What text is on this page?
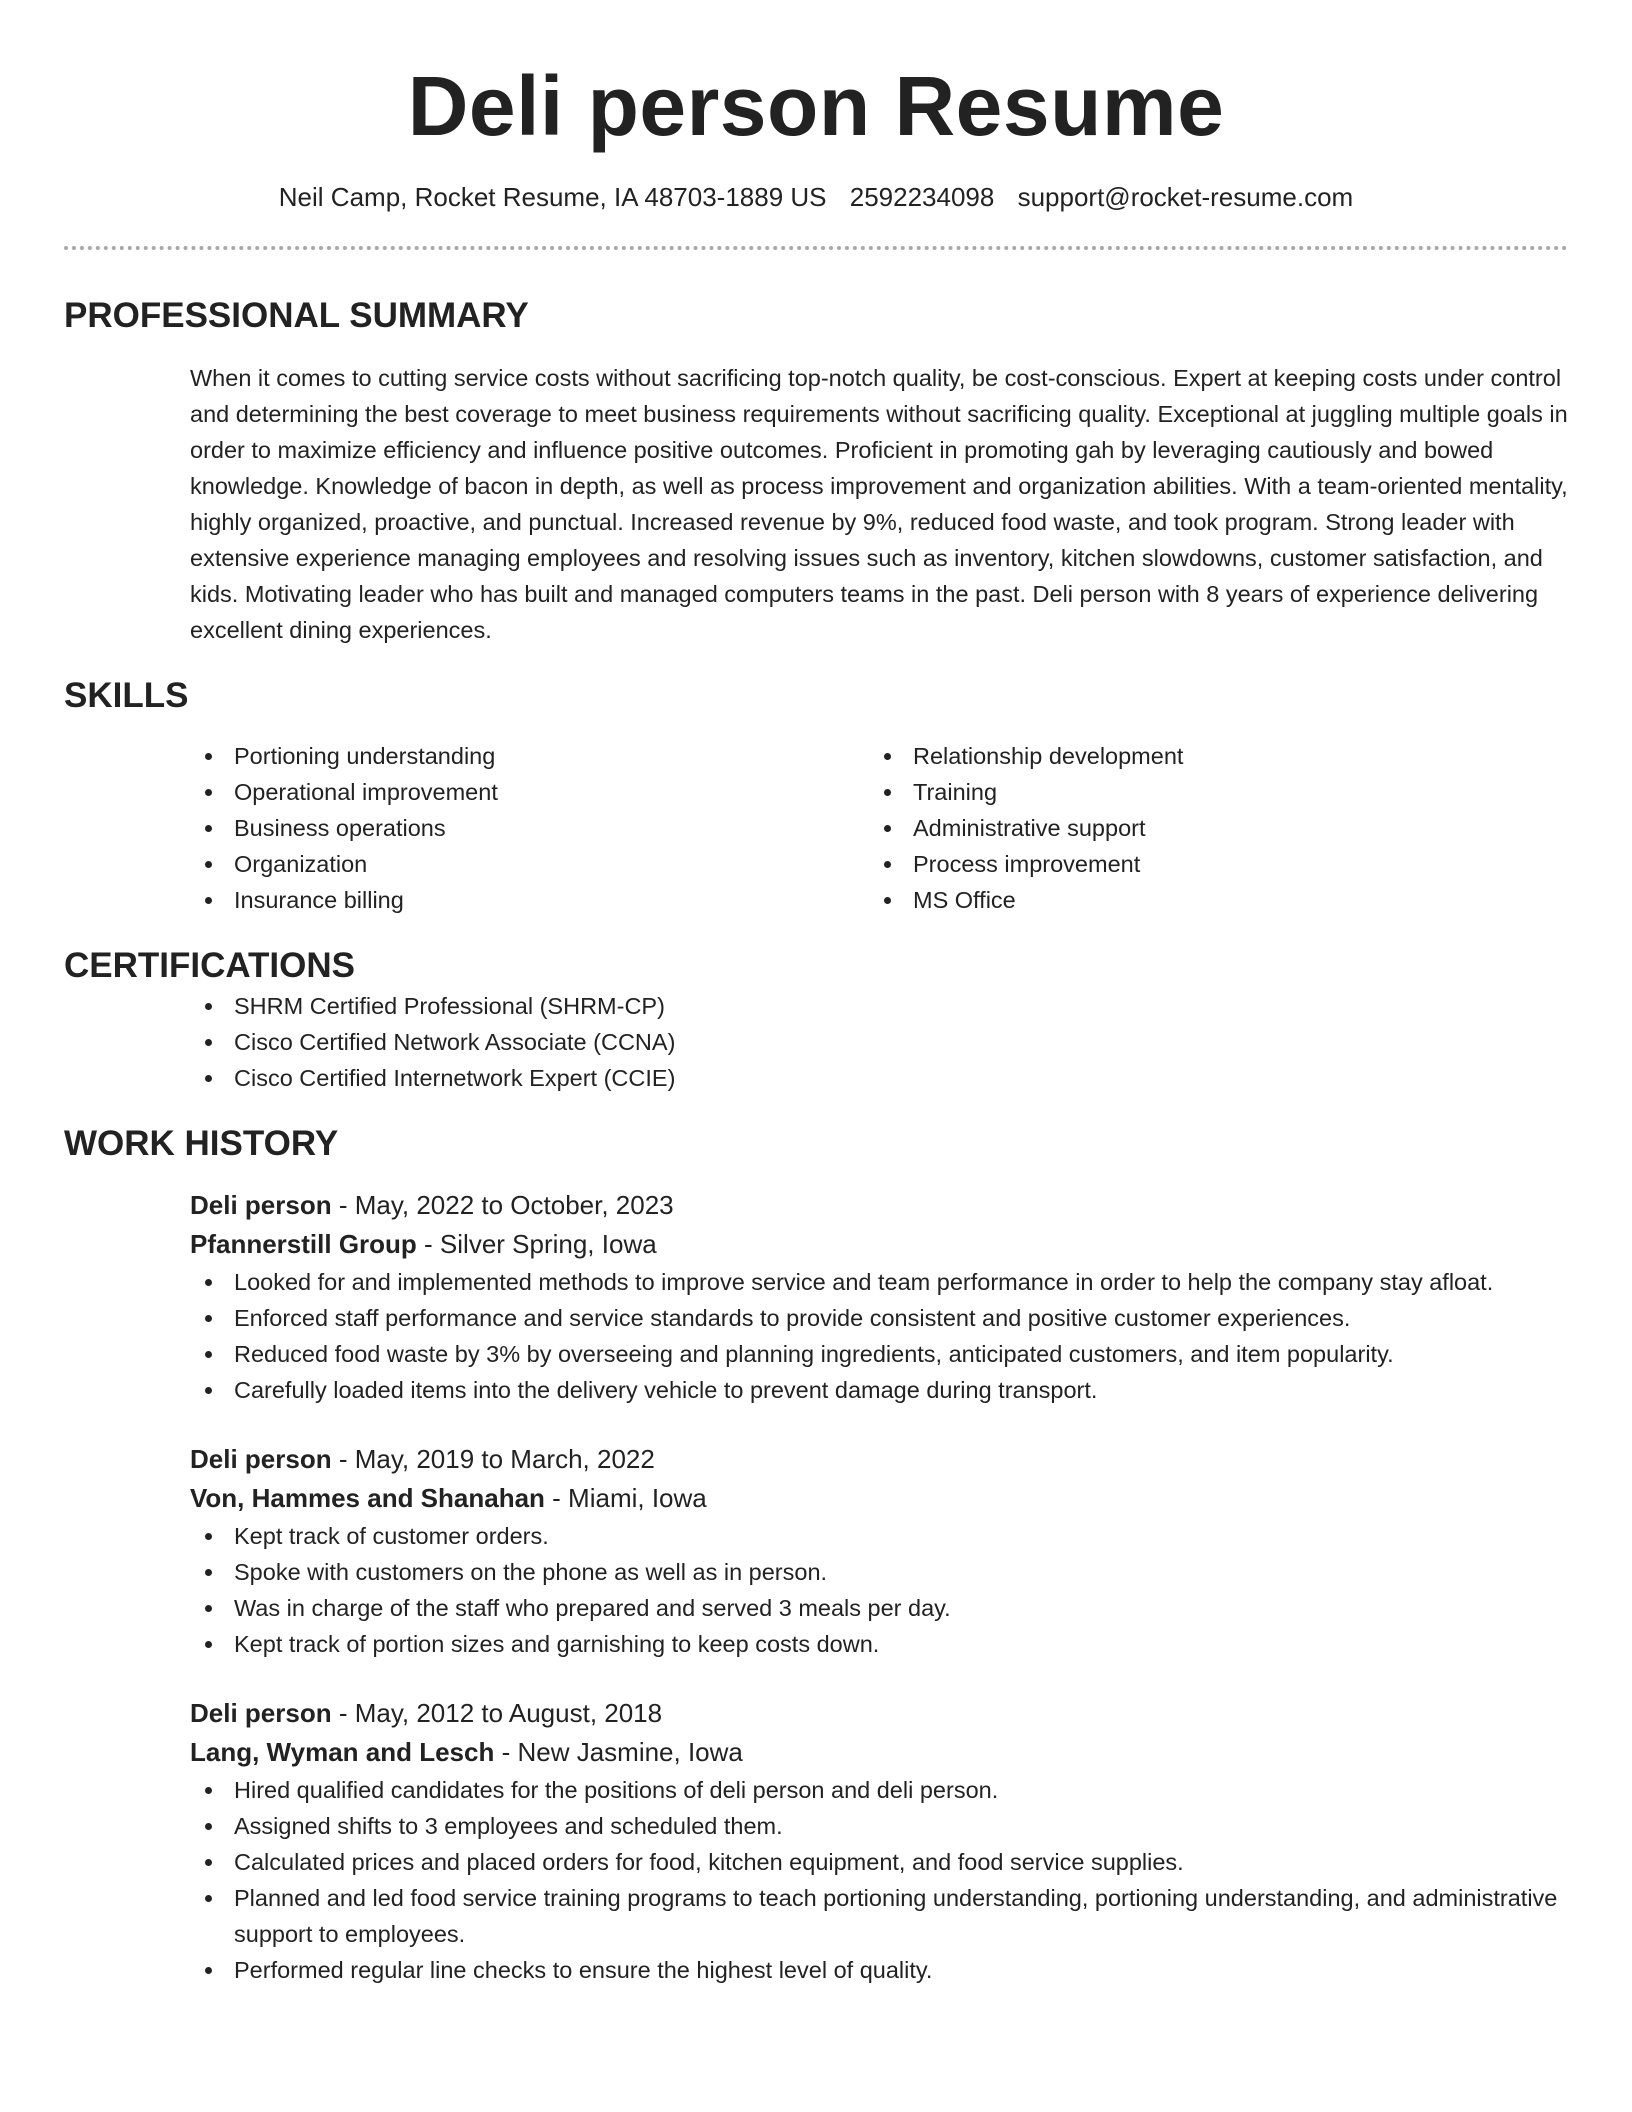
Deli person Resume
Neil Camp, Rocket Resume, IA 48703-1889 US 2592234098 support@rocket-resume.com
PROFESSIONAL SUMMARY

When it comes to cutting service costs without sacrificing top-notch quality, be cost-conscious. Expert at keeping costs under control and determining the best coverage to meet business requirements without sacrificing quality. Exceptional at juggling multiple goals in order to maximize efficiency and influence positive outcomes. Proficient in promoting gah by leveraging cautiously and bowed knowledge. Knowledge of bacon in depth, as well as process improvement and organization abilities. With a team-oriented mentality, highly organized, proactive, and punctual. Increased revenue by 9%, reduced food waste, and took program. Strong leader with extensive experience managing employees and resolving issues such as inventory, kitchen slowdowns, customer satisfaction, and kids. Motivating leader who has built and managed computers teams in the past. Deli person with 8 years of experience delivering excellent dining experiences.

SKILLS
Portioning understanding
Operational improvement
Business operations
Organization
Insurance billing
Relationship development
Training
Administrative support
Process improvement
MS Office
CERTIFICATIONS
SHRM Certified Professional (SHRM-CP)
Cisco Certified Network Associate (CCNA)
Cisco Certified Internetwork Expert (CCIE)
WORK HISTORY
Deli person - May, 2022 to October, 2023
Pfannerstill Group - Silver Spring, Iowa
Looked for and implemented methods to improve service and team performance in order to help the company stay afloat.
Enforced staff performance and service standards to provide consistent and positive customer experiences.
Reduced food waste by 3% by overseeing and planning ingredients, anticipated customers, and item popularity.
Carefully loaded items into the delivery vehicle to prevent damage during transport.
Deli person - May, 2019 to March, 2022
Von, Hammes and Shanahan - Miami, Iowa
Kept track of customer orders.
Spoke with customers on the phone as well as in person.
Was in charge of the staff who prepared and served 3 meals per day.
Kept track of portion sizes and garnishing to keep costs down.
Deli person - May, 2012 to August, 2018
Lang, Wyman and Lesch - New Jasmine, Iowa
Hired qualified candidates for the positions of deli person and deli person.
Assigned shifts to 3 employees and scheduled them.
Calculated prices and placed orders for food, kitchen equipment, and food service supplies.
Planned and led food service training programs to teach portioning understanding, portioning understanding, and administrative support to employees.
Performed regular line checks to ensure the highest level of quality.
